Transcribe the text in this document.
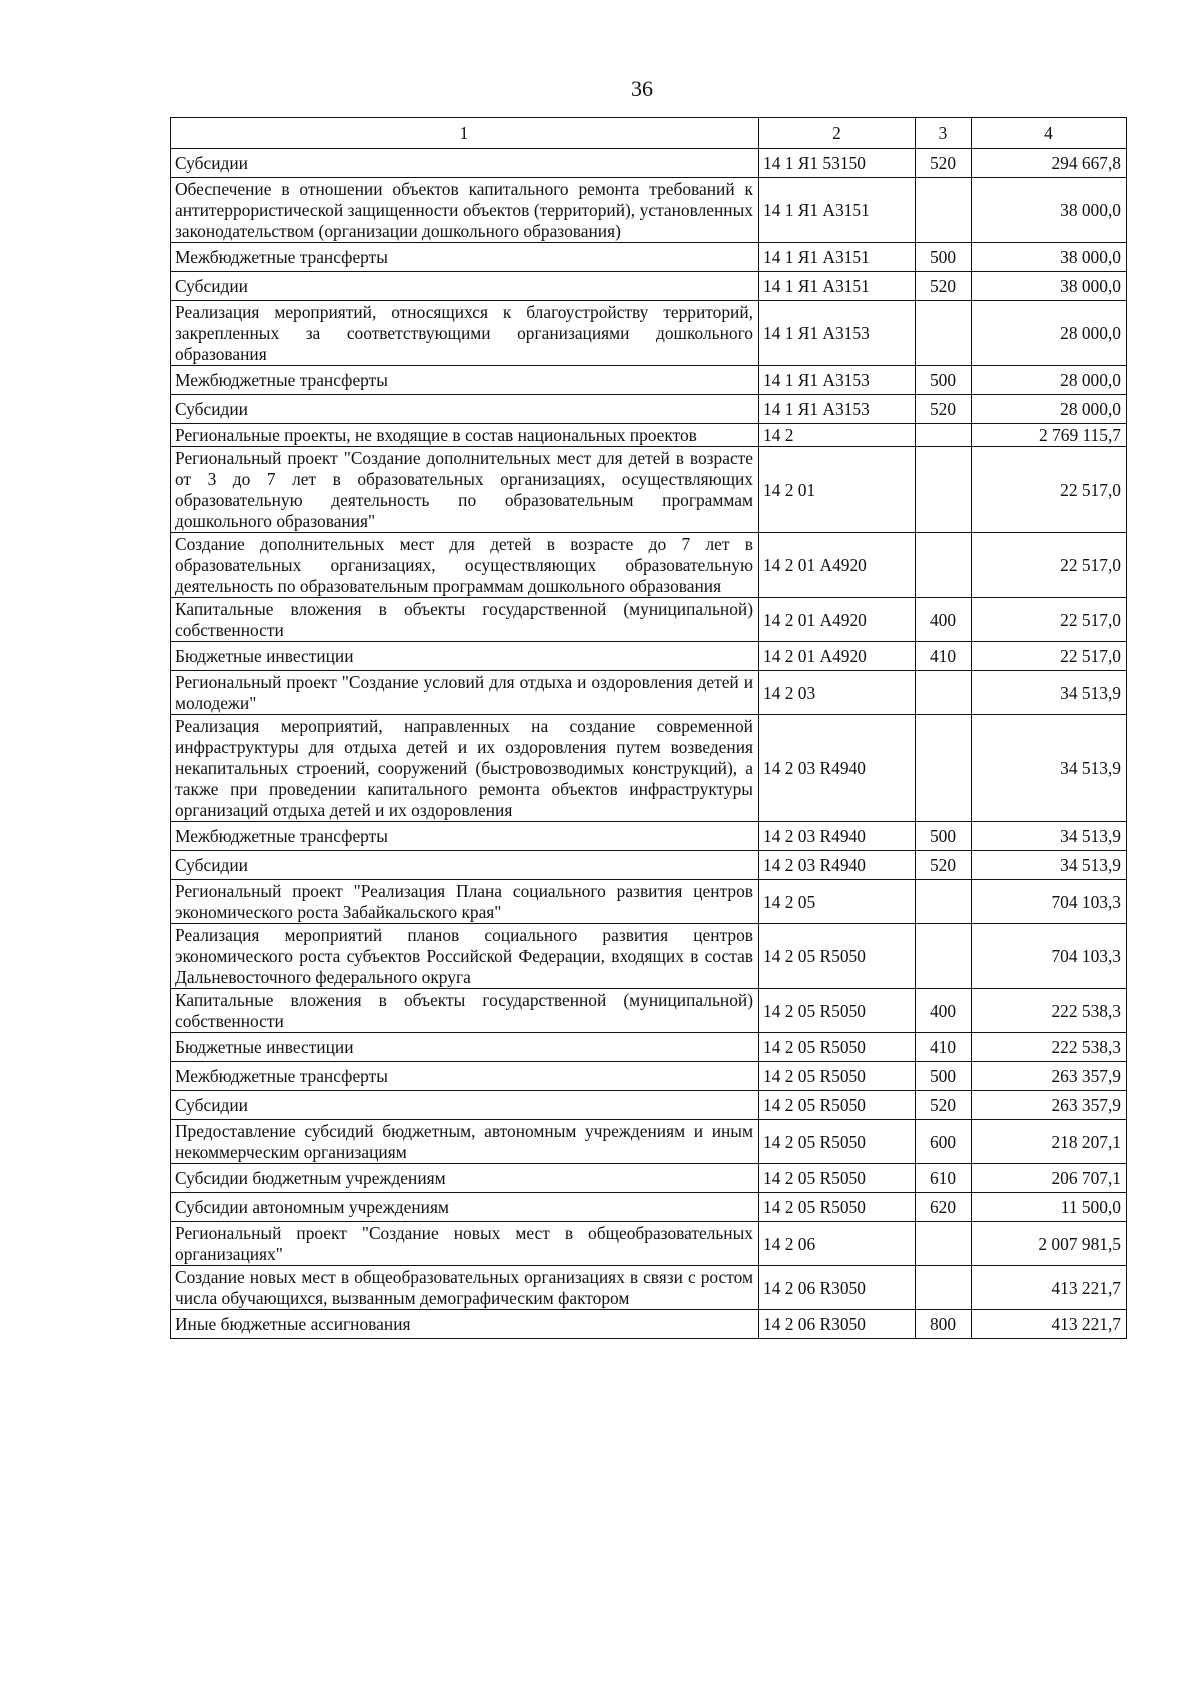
36
1	2	3	4
Субсидии	14 1 Я1 53150	520	294 667,8
Обеспечение в отношении объектов капитального ремонта требований к антитеррористической защищенности объектов (территорий), установленных законодательством (организации дошкольного образования)	14 1 Я1 А3151		38 000,0
Межбюджетные трансферты	14 1 Я1 А3151	500	38 000,0
Субсидии	14 1 Я1 А3151	520	38 000,0
Реализация мероприятий, относящихся к благоустройству территорий, закрепленных за соответствующими организациями дошкольного образования	14 1 Я1 А3153		28 000,0
Межбюджетные трансферты	14 1 Я1 А3153	500	28 000,0
Субсидии	14 1 Я1 А3153	520	28 000,0
Региональные проекты, не входящие в состав национальных проектов	14 2		2 769 115,7
Региональный проект "Создание дополнительных мест для детей в возрасте от 3 до 7 лет в образовательных организациях, осуществляющих образовательную деятельность по образовательным программам дошкольного образования"	14 2 01		22 517,0
Создание дополнительных мест для детей в возрасте до 7 лет в образовательных организациях, осуществляющих образовательную деятельность по образовательным программам дошкольного образования	14 2 01 А4920		22 517,0
Капитальные вложения в объекты государственной (муниципальной) собственности	14 2 01 А4920	400	22 517,0
Бюджетные инвестиции	14 2 01 А4920	410	22 517,0
Региональный проект "Создание условий для отдыха и оздоровления детей и молодежи"	14 2 03		34 513,9
Реализация мероприятий, направленных на создание современной инфраструктуры для отдыха детей и их оздоровления путем возведения некапитальных строений, сооружений (быстровозводимых конструкций), а также при проведении капитального ремонта объектов инфраструктуры организаций отдыха детей и их оздоровления	14 2 03 R4940		34 513,9
Межбюджетные трансферты	14 2 03 R4940	500	34 513,9
Субсидии	14 2 03 R4940	520	34 513,9
Региональный проект "Реализация Плана социального развития центров экономического роста Забайкальского края"	14 2 05		704 103,3
Реализация мероприятий планов социального развития центров экономического роста субъектов Российской Федерации, входящих в состав Дальневосточного федерального округа	14 2 05 R5050		704 103,3
Капитальные вложения в объекты государственной (муниципальной) собственности	14 2 05 R5050	400	222 538,3
Бюджетные инвестиции	14 2 05 R5050	410	222 538,3
Межбюджетные трансферты	14 2 05 R5050	500	263 357,9
Субсидии	14 2 05 R5050	520	263 357,9
Предоставление субсидий бюджетным, автономным учреждениям и иным некоммерческим организациям	14 2 05 R5050	600	218 207,1
Субсидии бюджетным учреждениям	14 2 05 R5050	610	206 707,1
Субсидии автономным учреждениям	14 2 05 R5050	620	11 500,0
Региональный проект "Создание новых мест в общеобразовательных организациях"	14 2 06		2 007 981,5
Создание новых мест в общеобразовательных организациях в связи с ростом числа обучающихся, вызванным демографическим фактором	14 2 06 R3050		413 221,7
Иные бюджетные ассигнования	14 2 06 R3050	800	413 221,7
